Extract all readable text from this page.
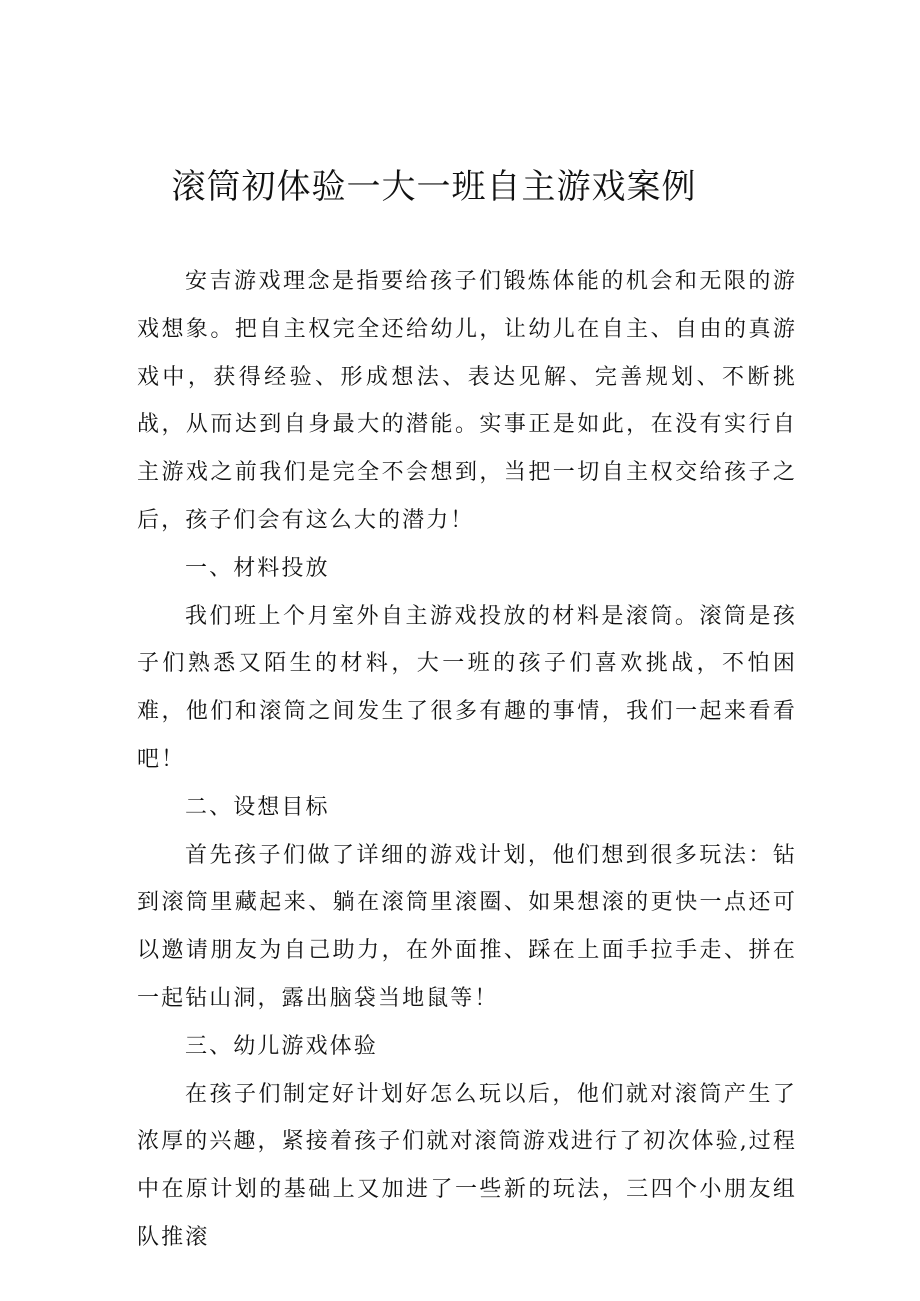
滚筒初体验一大一班自主游戏案例

安吉游戏理念是指要给孩子们锻炼体能的机会和无限的游戏想象。把自主权完全还给幼儿，让幼儿在自主、自由的真游戏中，获得经验、形成想法、表达见解、完善规划、不断挑战，从而达到自身最大的潜能。实事正是如此，在没有实行自主游戏之前我们是完全不会想到，当把一切自主权交给孩子之后，孩子们会有这么大的潜力！

一、材料投放

我们班上个月室外自主游戏投放的材料是滚筒。滚筒是孩子们熟悉又陌生的材料，大一班的孩子们喜欢挑战，不怕困难，他们和滚筒之间发生了很多有趣的事情，我们一起来看看吧！

二、设想目标

首先孩子们做了详细的游戏计划，他们想到很多玩法：钻到滚筒里藏起来、躺在滚筒里滚圈、如果想滚的更快一点还可以邀请朋友为自己助力，在外面推、踩在上面手拉手走、拼在一起钻山洞，露出脑袋当地鼠等！

三、幼儿游戏体验

在孩子们制定好计划好怎么玩以后，他们就对滚筒产生了浓厚的兴趣，紧接着孩子们就对滚筒游戏进行了初次体验,过程中在原计划的基础上又加进了一些新的玩法，三四个小朋友组队推滚
